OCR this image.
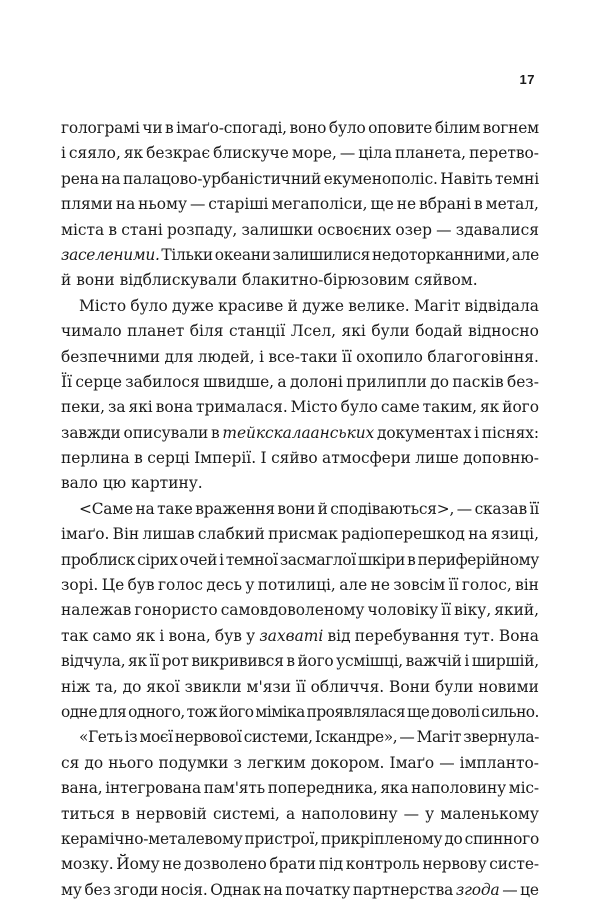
17
голограмі чи в імаґо-спогаді, воно було оповите білим вогнем
і сяяло, як безкрає блискуче море, — ціла планета, перетво-
рена на палацово-урбаністичний екуменополіс. Навіть темні
плями на ньому — старіші мегаполіси, ще не вбрані в метал,
міста в стані розпаду, залишки освоєних озер — здавалися
заселеними. Тільки океани залишилися недоторканними, але
й вони відблискували блакитно-бірюзовим сяйвом.
Місто було дуже красиве й дуже велике. Магіт відвідала
чимало планет біля станції Лсел, які були бодай відносно
безпечними для людей, і все-таки її охопило благоговіння.
Її серце забилося швидше, а долоні прилипли до пасків без-
пеки, за які вона трималася. Місто було саме таким, як його
завжди описували в тейкскалаанських документах і піснях:
перлина в серці Імперії. І сяйво атмосфери лише доповню-
вало цю картину.
<Саме на таке враження вони й сподіваються>, — сказав її
імаґо. Він лишав слабкий присмак радіоперешкод на язиці,
проблиск сірих очей і темної засмаглої шкіри в периферійному
зорі. Це був голос десь у потилиці, але не зовсім її голос, він
належав гонористо самовдоволеному чоловіку її віку, який,
так само як і вона, був у захваті від перебування тут. Вона
відчула, як її рот викривився в його усмішці, важчій і ширшій,
ніж та, до якої звикли м'язи її обличчя. Вони були новими
одне для одного, тож його міміка проявлялася ще доволі сильно.
«Геть із моєї нервової системи, Іскандре», — Магіт звернула-
ся до нього подумки з легким докором. Імаґо — імпланто-
вана, інтегрована пам'ять попередника, яка наполовину міс-
титься в нервовій системі, а наполовину — у маленькому
керамічно-металевому пристрої, прикріпленому до спинного
мозку. Йому не дозволено брати під контроль нервову систе-
му без згоди носія. Однак на початку партнерства згода — це
